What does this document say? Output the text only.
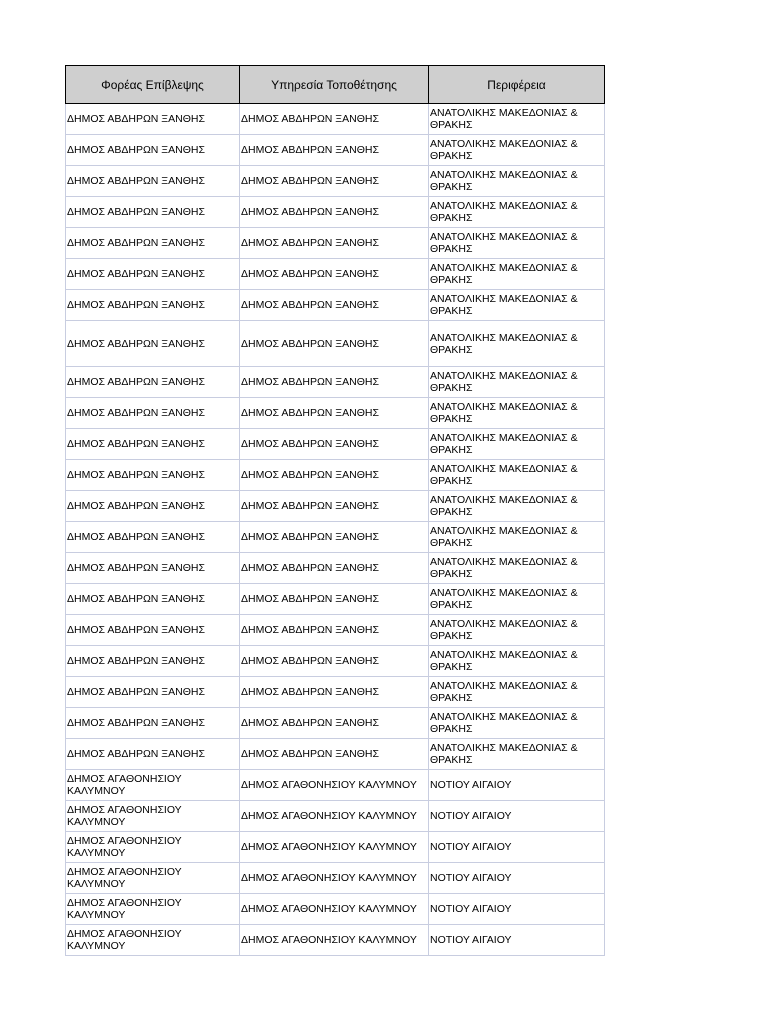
Φορέας Επίβλεψης	Υπηρεσία Τοποθέτησης	Περιφέρεια
ΔΗΜΟΣ ΑΒΔΗΡΩΝ ΞΑΝΘΗΣ	ΔΗΜΟΣ ΑΒΔΗΡΩΝ ΞΑΝΘΗΣ	ΑΝΑΤΟΛΙΚΗΣ ΜΑΚΕΔΟΝΙΑΣ & ΘΡΑΚΗΣ
ΔΗΜΟΣ ΑΒΔΗΡΩΝ ΞΑΝΘΗΣ	ΔΗΜΟΣ ΑΒΔΗΡΩΝ ΞΑΝΘΗΣ	ΑΝΑΤΟΛΙΚΗΣ ΜΑΚΕΔΟΝΙΑΣ & ΘΡΑΚΗΣ
ΔΗΜΟΣ ΑΒΔΗΡΩΝ ΞΑΝΘΗΣ	ΔΗΜΟΣ ΑΒΔΗΡΩΝ ΞΑΝΘΗΣ	ΑΝΑΤΟΛΙΚΗΣ ΜΑΚΕΔΟΝΙΑΣ & ΘΡΑΚΗΣ
ΔΗΜΟΣ ΑΒΔΗΡΩΝ ΞΑΝΘΗΣ	ΔΗΜΟΣ ΑΒΔΗΡΩΝ ΞΑΝΘΗΣ	ΑΝΑΤΟΛΙΚΗΣ ΜΑΚΕΔΟΝΙΑΣ & ΘΡΑΚΗΣ
ΔΗΜΟΣ ΑΒΔΗΡΩΝ ΞΑΝΘΗΣ	ΔΗΜΟΣ ΑΒΔΗΡΩΝ ΞΑΝΘΗΣ	ΑΝΑΤΟΛΙΚΗΣ ΜΑΚΕΔΟΝΙΑΣ & ΘΡΑΚΗΣ
ΔΗΜΟΣ ΑΒΔΗΡΩΝ ΞΑΝΘΗΣ	ΔΗΜΟΣ ΑΒΔΗΡΩΝ ΞΑΝΘΗΣ	ΑΝΑΤΟΛΙΚΗΣ ΜΑΚΕΔΟΝΙΑΣ & ΘΡΑΚΗΣ
ΔΗΜΟΣ ΑΒΔΗΡΩΝ ΞΑΝΘΗΣ	ΔΗΜΟΣ ΑΒΔΗΡΩΝ ΞΑΝΘΗΣ	ΑΝΑΤΟΛΙΚΗΣ ΜΑΚΕΔΟΝΙΑΣ & ΘΡΑΚΗΣ
ΔΗΜΟΣ ΑΒΔΗΡΩΝ ΞΑΝΘΗΣ	ΔΗΜΟΣ ΑΒΔΗΡΩΝ ΞΑΝΘΗΣ	ΑΝΑΤΟΛΙΚΗΣ ΜΑΚΕΔΟΝΙΑΣ & ΘΡΑΚΗΣ
ΔΗΜΟΣ ΑΒΔΗΡΩΝ ΞΑΝΘΗΣ	ΔΗΜΟΣ ΑΒΔΗΡΩΝ ΞΑΝΘΗΣ	ΑΝΑΤΟΛΙΚΗΣ ΜΑΚΕΔΟΝΙΑΣ & ΘΡΑΚΗΣ
ΔΗΜΟΣ ΑΒΔΗΡΩΝ ΞΑΝΘΗΣ	ΔΗΜΟΣ ΑΒΔΗΡΩΝ ΞΑΝΘΗΣ	ΑΝΑΤΟΛΙΚΗΣ ΜΑΚΕΔΟΝΙΑΣ & ΘΡΑΚΗΣ
ΔΗΜΟΣ ΑΒΔΗΡΩΝ ΞΑΝΘΗΣ	ΔΗΜΟΣ ΑΒΔΗΡΩΝ ΞΑΝΘΗΣ	ΑΝΑΤΟΛΙΚΗΣ ΜΑΚΕΔΟΝΙΑΣ & ΘΡΑΚΗΣ
ΔΗΜΟΣ ΑΒΔΗΡΩΝ ΞΑΝΘΗΣ	ΔΗΜΟΣ ΑΒΔΗΡΩΝ ΞΑΝΘΗΣ	ΑΝΑΤΟΛΙΚΗΣ ΜΑΚΕΔΟΝΙΑΣ & ΘΡΑΚΗΣ
ΔΗΜΟΣ ΑΒΔΗΡΩΝ ΞΑΝΘΗΣ	ΔΗΜΟΣ ΑΒΔΗΡΩΝ ΞΑΝΘΗΣ	ΑΝΑΤΟΛΙΚΗΣ ΜΑΚΕΔΟΝΙΑΣ & ΘΡΑΚΗΣ
ΔΗΜΟΣ ΑΒΔΗΡΩΝ ΞΑΝΘΗΣ	ΔΗΜΟΣ ΑΒΔΗΡΩΝ ΞΑΝΘΗΣ	ΑΝΑΤΟΛΙΚΗΣ ΜΑΚΕΔΟΝΙΑΣ & ΘΡΑΚΗΣ
ΔΗΜΟΣ ΑΒΔΗΡΩΝ ΞΑΝΘΗΣ	ΔΗΜΟΣ ΑΒΔΗΡΩΝ ΞΑΝΘΗΣ	ΑΝΑΤΟΛΙΚΗΣ ΜΑΚΕΔΟΝΙΑΣ & ΘΡΑΚΗΣ
ΔΗΜΟΣ ΑΒΔΗΡΩΝ ΞΑΝΘΗΣ	ΔΗΜΟΣ ΑΒΔΗΡΩΝ ΞΑΝΘΗΣ	ΑΝΑΤΟΛΙΚΗΣ ΜΑΚΕΔΟΝΙΑΣ & ΘΡΑΚΗΣ
ΔΗΜΟΣ ΑΒΔΗΡΩΝ ΞΑΝΘΗΣ	ΔΗΜΟΣ ΑΒΔΗΡΩΝ ΞΑΝΘΗΣ	ΑΝΑΤΟΛΙΚΗΣ ΜΑΚΕΔΟΝΙΑΣ & ΘΡΑΚΗΣ
ΔΗΜΟΣ ΑΒΔΗΡΩΝ ΞΑΝΘΗΣ	ΔΗΜΟΣ ΑΒΔΗΡΩΝ ΞΑΝΘΗΣ	ΑΝΑΤΟΛΙΚΗΣ ΜΑΚΕΔΟΝΙΑΣ & ΘΡΑΚΗΣ
ΔΗΜΟΣ ΑΒΔΗΡΩΝ ΞΑΝΘΗΣ	ΔΗΜΟΣ ΑΒΔΗΡΩΝ ΞΑΝΘΗΣ	ΑΝΑΤΟΛΙΚΗΣ ΜΑΚΕΔΟΝΙΑΣ & ΘΡΑΚΗΣ
ΔΗΜΟΣ ΑΒΔΗΡΩΝ ΞΑΝΘΗΣ	ΔΗΜΟΣ ΑΒΔΗΡΩΝ ΞΑΝΘΗΣ	ΑΝΑΤΟΛΙΚΗΣ ΜΑΚΕΔΟΝΙΑΣ & ΘΡΑΚΗΣ
ΔΗΜΟΣ ΑΒΔΗΡΩΝ ΞΑΝΘΗΣ	ΔΗΜΟΣ ΑΒΔΗΡΩΝ ΞΑΝΘΗΣ	ΑΝΑΤΟΛΙΚΗΣ ΜΑΚΕΔΟΝΙΑΣ & ΘΡΑΚΗΣ
ΔΗΜΟΣ ΑΓΑΘΟΝΗΣΙΟΥ ΚΑΛΥΜΝΟΥ	ΔΗΜΟΣ ΑΓΑΘΟΝΗΣΙΟΥ ΚΑΛΥΜΝΟΥ	ΝΟΤΙΟΥ ΑΙΓΑΙΟΥ
ΔΗΜΟΣ ΑΓΑΘΟΝΗΣΙΟΥ ΚΑΛΥΜΝΟΥ	ΔΗΜΟΣ ΑΓΑΘΟΝΗΣΙΟΥ ΚΑΛΥΜΝΟΥ	ΝΟΤΙΟΥ ΑΙΓΑΙΟΥ
ΔΗΜΟΣ ΑΓΑΘΟΝΗΣΙΟΥ ΚΑΛΥΜΝΟΥ	ΔΗΜΟΣ ΑΓΑΘΟΝΗΣΙΟΥ ΚΑΛΥΜΝΟΥ	ΝΟΤΙΟΥ ΑΙΓΑΙΟΥ
ΔΗΜΟΣ ΑΓΑΘΟΝΗΣΙΟΥ ΚΑΛΥΜΝΟΥ	ΔΗΜΟΣ ΑΓΑΘΟΝΗΣΙΟΥ ΚΑΛΥΜΝΟΥ	ΝΟΤΙΟΥ ΑΙΓΑΙΟΥ
ΔΗΜΟΣ ΑΓΑΘΟΝΗΣΙΟΥ ΚΑΛΥΜΝΟΥ	ΔΗΜΟΣ ΑΓΑΘΟΝΗΣΙΟΥ ΚΑΛΥΜΝΟΥ	ΝΟΤΙΟΥ ΑΙΓΑΙΟΥ
ΔΗΜΟΣ ΑΓΑΘΟΝΗΣΙΟΥ ΚΑΛΥΜΝΟΥ	ΔΗΜΟΣ ΑΓΑΘΟΝΗΣΙΟΥ ΚΑΛΥΜΝΟΥ	ΝΟΤΙΟΥ ΑΙΓΑΙΟΥ
